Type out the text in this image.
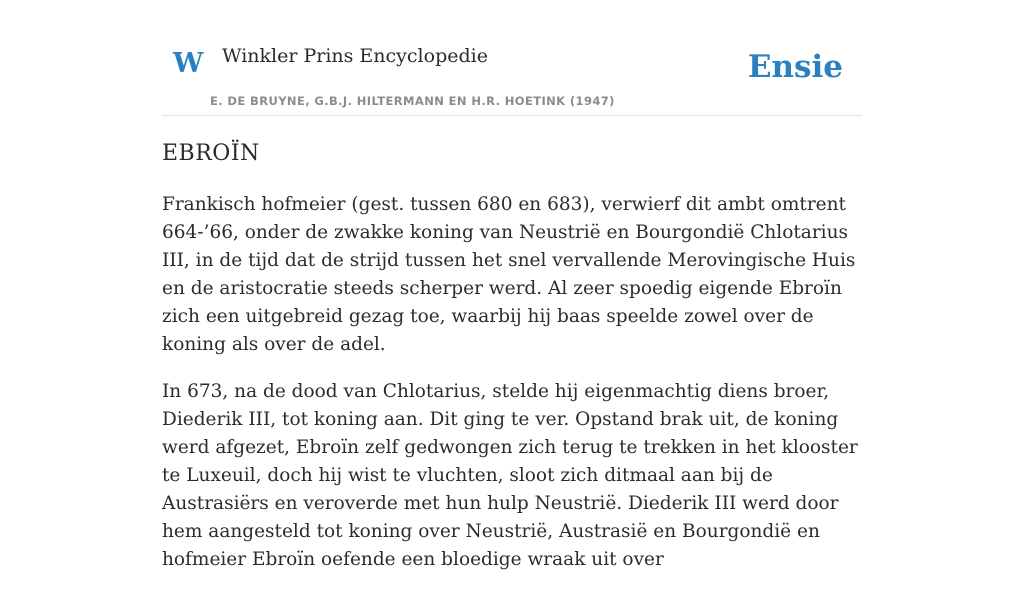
W Winkler Prins Encyclopedie
E. DE BRUYNE, G.B.J. HILTERMANN EN H.R. HOETINK (1947)
Ensie
EBROÏN

Frankisch hofmeier (gest. tussen 680 en 683), verwierf dit ambt omtrent 664-’66, onder de zwakke koning van Neustrië en Bourgondië Chlotarius III, in de tijd dat de strijd tussen het snel vervallende Merovingische Huis en de aristocratie steeds scherper werd. Al zeer spoedig eigende Ebroïn zich een uitgebreid gezag toe, waarbij hij baas speelde zowel over de koning als over de adel.

In 673, na de dood van Chlotarius, stelde hij eigenmachtig diens broer, Diederik III, tot koning aan. Dit ging te ver. Opstand brak uit, de koning werd afgezet, Ebroïn zelf gedwongen zich terug te trekken in het klooster te Luxeuil, doch hij wist te vluchten, sloot zich ditmaal aan bij de Austrasiërs en veroverde met hun hulp Neustrië. Diederik III werd door hem aangesteld tot koning over Neustrië, Austrasië en Bourgondië en hofmeier Ebroïn oefende een bloedige wraak uit over
